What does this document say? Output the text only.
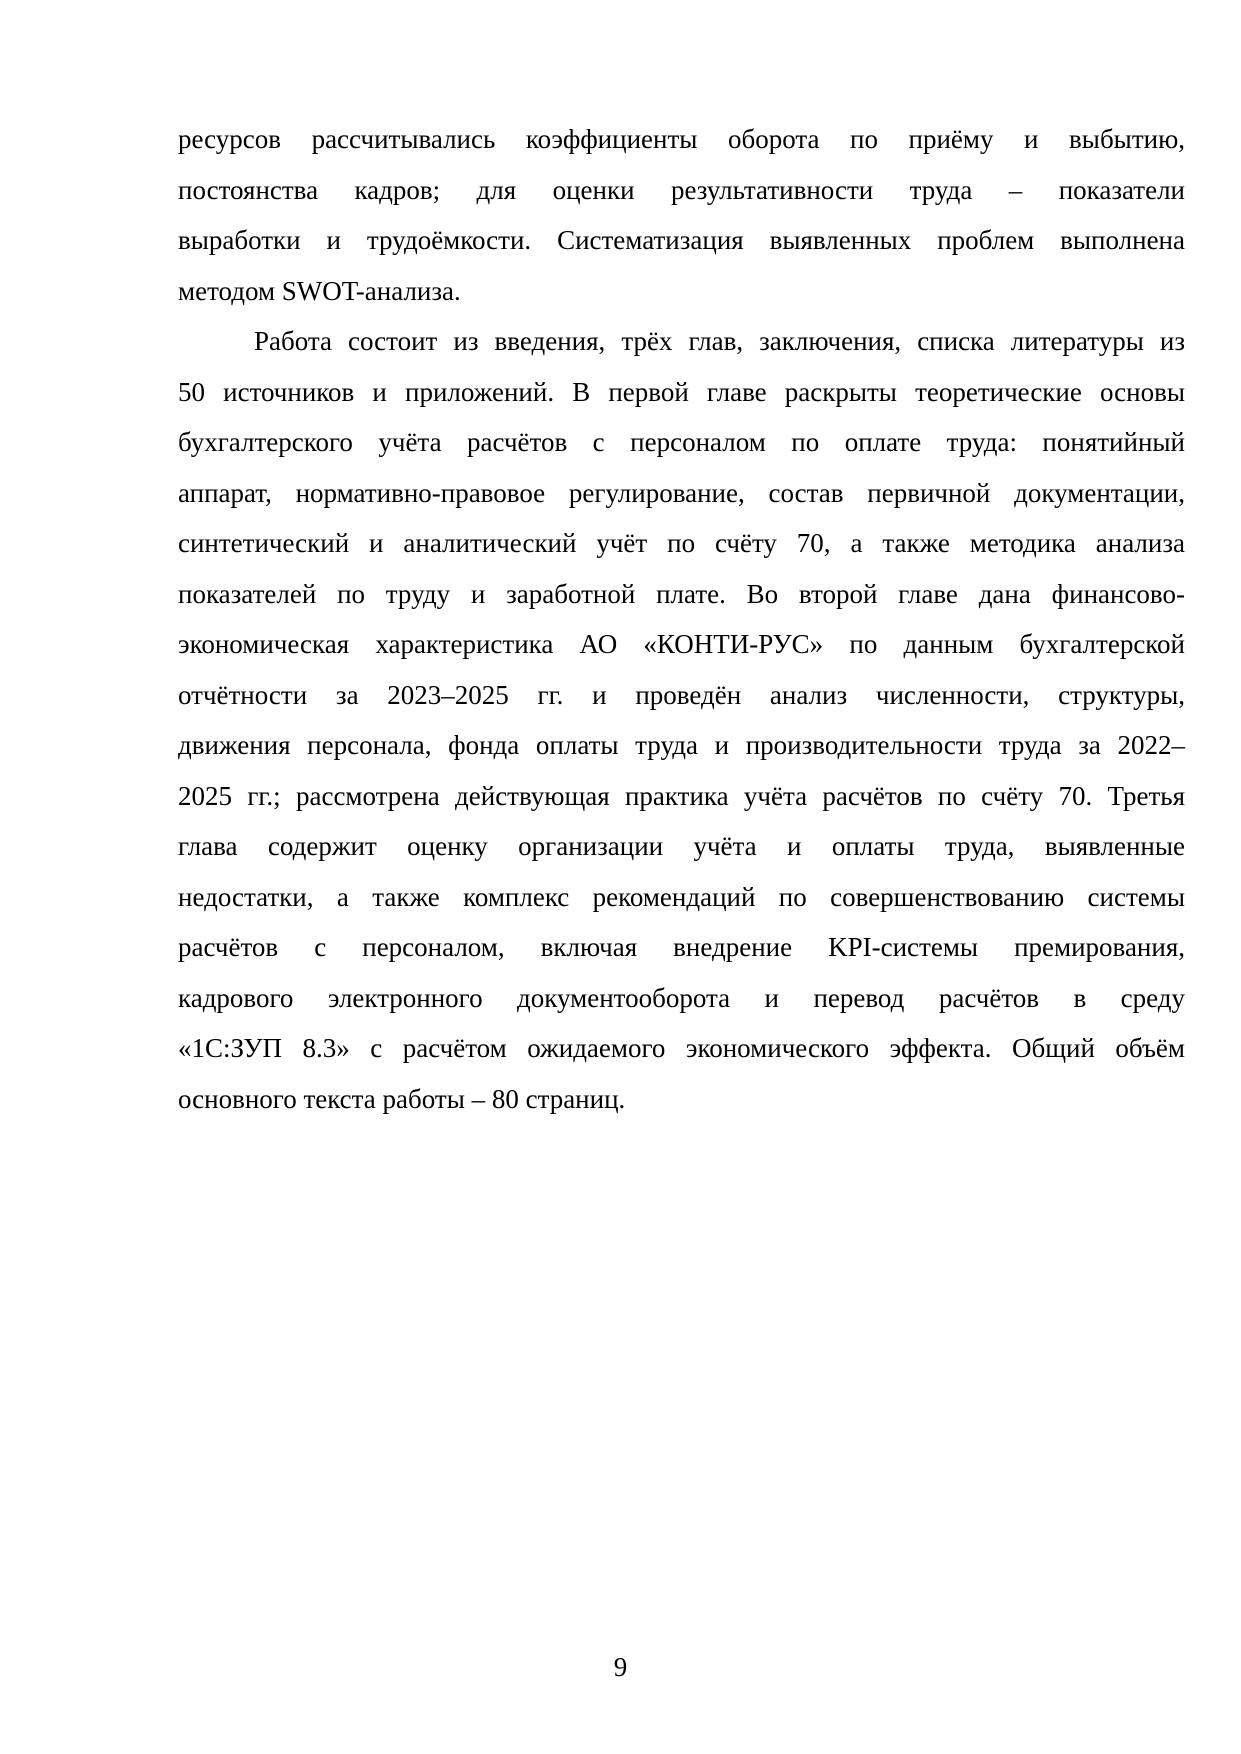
ресурсов рассчитывались коэффициенты оборота по приёму и выбытию,
постоянства кадров; для оценки результативности труда – показатели
выработки и трудоёмкости. Систематизация выявленных проблем выполнена
методом SWOT-анализа.

Работа состоит из введения, трёх глав, заключения, списка литературы из
50 источников и приложений. В первой главе раскрыты теоретические основы
бухгалтерского учёта расчётов с персоналом по оплате труда: понятийный
аппарат, нормативно-правовое регулирование, состав первичной документации,
синтетический и аналитический учёт по счёту 70, а также методика анализа
показателей по труду и заработной плате. Во второй главе дана финансово-
экономическая характеристика АО «КОНТИ-РУС» по данным бухгалтерской
отчётности за 2023–2025 гг. и проведён анализ численности, структуры,
движения персонала, фонда оплаты труда и производительности труда за 2022–
2025 гг.; рассмотрена действующая практика учёта расчётов по счёту 70. Третья
глава содержит оценку организации учёта и оплаты труда, выявленные
недостатки, а также комплекс рекомендаций по совершенствованию системы
расчётов с персоналом, включая внедрение KPI-системы премирования,
кадрового электронного документооборота и перевод расчётов в среду
«1С:ЗУП 8.3» с расчётом ожидаемого экономического эффекта. Общий объём
основного текста работы – 80 страниц.

9
